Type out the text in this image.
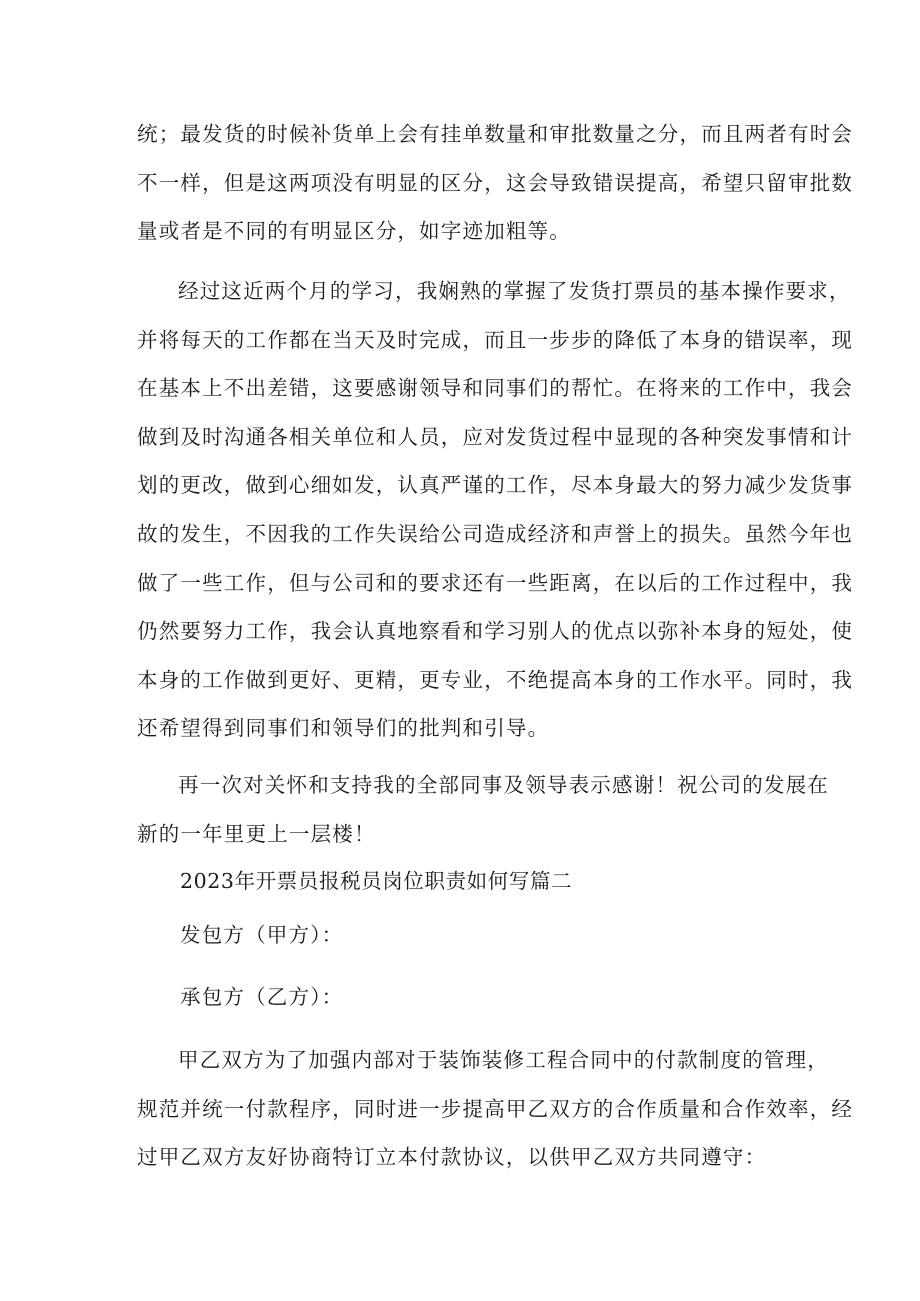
统；最发货的时候补货单上会有挂单数量和审批数量之分，而且两者有时会
不一样，但是这两项没有明显的区分，这会导致错误提高，希望只留审批数
量或者是不同的有明显区分，如字迹加粗等。
经过这近两个月的学习，我娴熟的掌握了发货打票员的基本操作要求，
并将每天的工作都在当天及时完成，而且一步步的降低了本身的错误率，现
在基本上不出差错，这要感谢领导和同事们的帮忙。在将来的工作中，我会
做到及时沟通各相关单位和人员，应对发货过程中显现的各种突发事情和计
划的更改，做到心细如发，认真严谨的工作，尽本身最大的努力减少发货事
故的发生，不因我的工作失误给公司造成经济和声誉上的损失。虽然今年也
做了一些工作，但与公司和的要求还有一些距离，在以后的工作过程中，我
仍然要努力工作，我会认真地察看和学习别人的优点以弥补本身的短处，使
本身的工作做到更好、更精，更专业，不绝提高本身的工作水平。同时，我
还希望得到同事们和领导们的批判和引导。
再一次对关怀和支持我的全部同事及领导表示感谢！祝公司的发展在
新的一年里更上一层楼！
2023年开票员报税员岗位职责如何写篇二
发包方（甲方）：
承包方（乙方）：
甲乙双方为了加强内部对于装饰装修工程合同中的付款制度的管理，
规范并统一付款程序，同时进一步提高甲乙双方的合作质量和合作效率，经
过甲乙双方友好协商特订立本付款协议，以供甲乙双方共同遵守：
